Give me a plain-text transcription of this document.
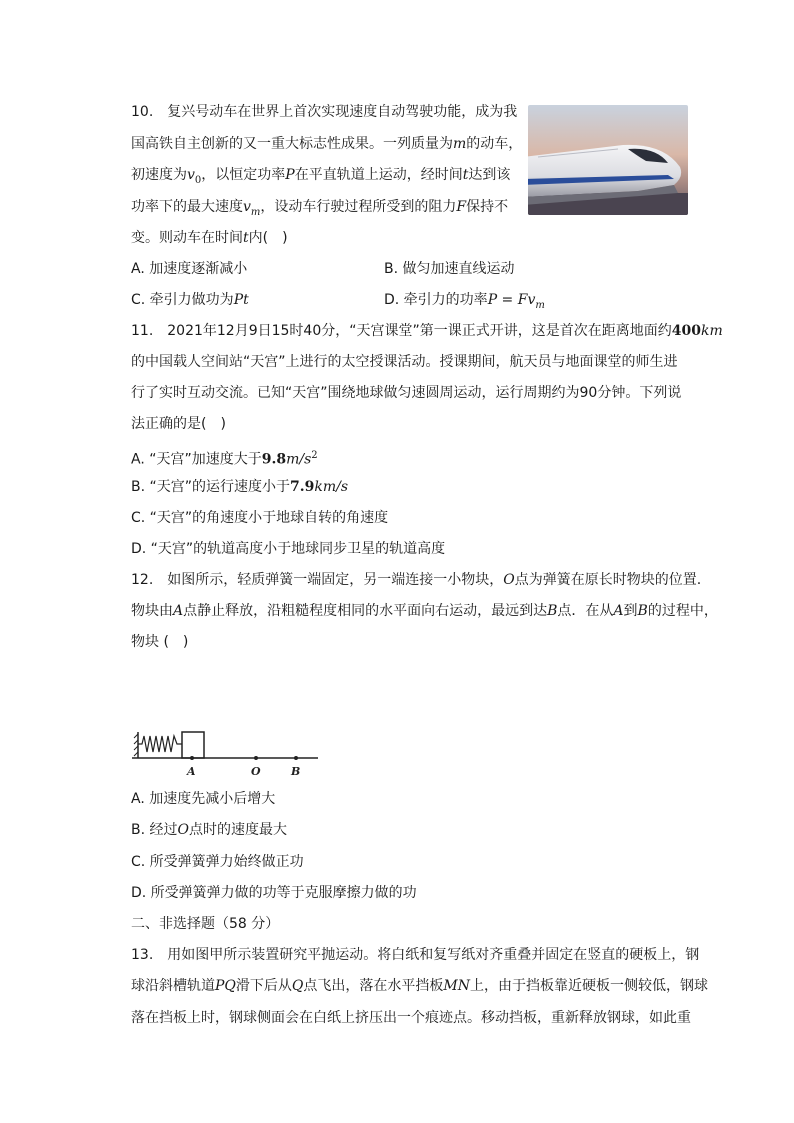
10.　复兴号动车在世界上首次实现速度自动驾驶功能，成为我
国高铁自主创新的又一重大标志性成果。一列质量为m的动车，
初速度为$v_0$，以恒定功率P在平直轨道上运动，经时间t达到该
功率下的最大速度$v_m$，设动车行驶过程所受到的阻力F保持不
变。则动车在时间t内(　)
A. 加速度逐渐减小	B. 做匀加速直线运动
C. 牵引力做功为Pt	D. 牵引力的功率$P = Fv_m$
11.　2021年12月9日15时40分，“天宫课堂”第一课正式开讲，这是首次在距离地面约400km
的中国载人空间站“天宫”上进行的太空授课活动。授课期间，航天员与地面课堂的师生进
行了实时互动交流。已知“天宫”围绕地球做匀速圆周运动，运行周期约为90分钟。下列说
法正确的是(　)
A. “天宫”加速度大于$9.8m/s^2$
B. “天宫”的运行速度小于7.9km/s
C. “天宫”的角速度小于地球自转的角速度
D. “天宫”的轨道高度小于地球同步卫星的轨道高度
12.　如图所示，轻质弹簧一端固定，另一端连接一小物块，O点为弹簧在原长时物块的位置.
物块由A点静止释放，沿粗糙程度相同的水平面向右运动，最远到达B点．在从A到B的过程中，
物块 (　)
A	O	B
A. 加速度先减小后增大
B. 经过O点时的速度最大
C. 所受弹簧弹力始终做正功
D. 所受弹簧弹力做的功等于克服摩擦力做的功
二、非选择题（58 分）
13.　用如图甲所示装置研究平抛运动。将白纸和复写纸对齐重叠并固定在竖直的硬板上，钢
球沿斜槽轨道PQ滑下后从Q点飞出，落在水平挡板MN上，由于挡板靠近硬板一侧较低，钢球
落在挡板上时，钢球侧面会在白纸上挤压出一个痕迹点。移动挡板，重新释放钢球，如此重
